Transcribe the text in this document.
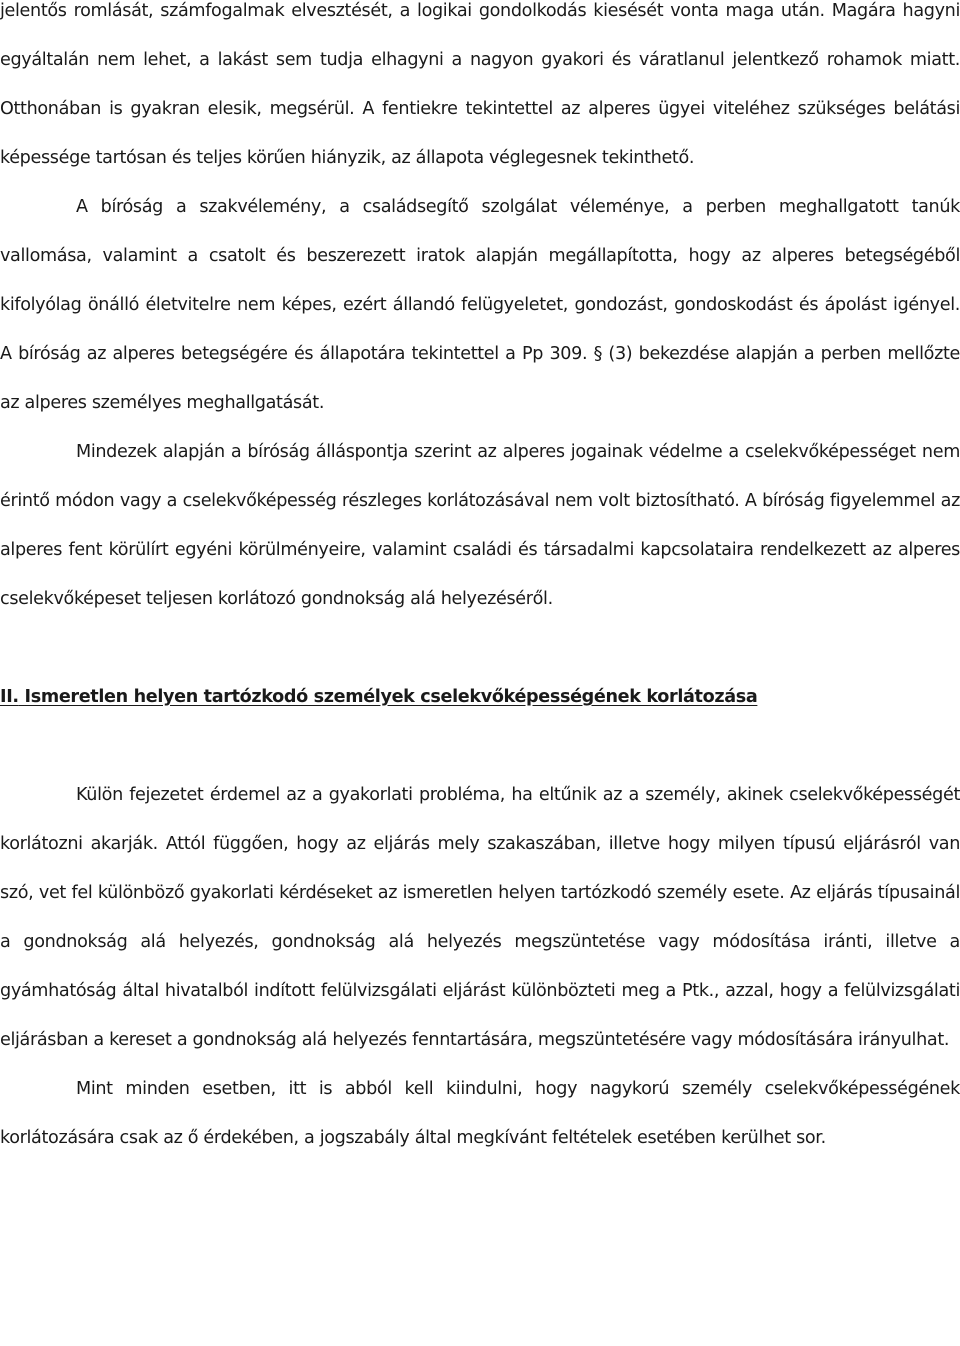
jelentős romlását, számfogalmak elvesztését, a logikai gondolkodás kiesését vonta maga után. Magára hagyni egyáltalán nem lehet, a lakást sem tudja elhagyni a nagyon gyakori és váratlanul jelentkező rohamok miatt. Otthonában is gyakran elesik, megsérül. A fentiekre tekintettel az alperes ügyei viteléhez szükséges belátási képessége tartósan és teljes körűen hiányzik, az állapota véglegesnek tekinthető.

A bíróság a szakvélemény, a családsegítő szolgálat véleménye, a perben meghallgatott tanúk vallomása, valamint a csatolt és beszerezett iratok alapján megállapította, hogy az alperes betegségéből kifolyólag önálló életvitelre nem képes, ezért állandó felügyeletet, gondozást, gondoskodást és ápolást igényel. A bíróság az alperes betegségére és állapotára tekintettel a Pp 309. § (3) bekezdése alapján a perben mellőzte az alperes személyes meghallgatását.

Mindezek alapján a bíróság álláspontja szerint az alperes jogainak védelme a cselekvőképességet nem érintő módon vagy a cselekvőképesség részleges korlátozásával nem volt biztosítható. A bíróság figyelemmel az alperes fent körülírt egyéni körülményeire, valamint családi és társadalmi kapcsolataira rendelkezett az alperes cselekvőképeset teljesen korlátozó gondnokság alá helyezéséről.

II. Ismeretlen helyen tartózkodó személyek cselekvőképességének korlátozása

Külön fejezetet érdemel az a gyakorlati probléma, ha eltűnik az a személy, akinek cselekvőképességét korlátozni akarják. Attól függően, hogy az eljárás mely szakaszában, illetve hogy milyen típusú eljárásról van szó, vet fel különböző gyakorlati kérdéseket az ismeretlen helyen tartózkodó személy esete. Az eljárás típusainál a gondnokság alá helyezés, gondnokság alá helyezés megszüntetése vagy módosítása iránti, illetve a gyámhatóság által hivatalból indított felülvizsgálati eljárást különbözteti meg a Ptk., azzal, hogy a felülvizsgálati eljárásban a kereset a gondnokság alá helyezés fenntartására, megszüntetésére vagy módosítására irányulhat.

Mint minden esetben, itt is abból kell kiindulni, hogy nagykorú személy cselekvőképességének korlátozására csak az ő érdekében, a jogszabály által megkívánt feltételek esetében kerülhet sor.
